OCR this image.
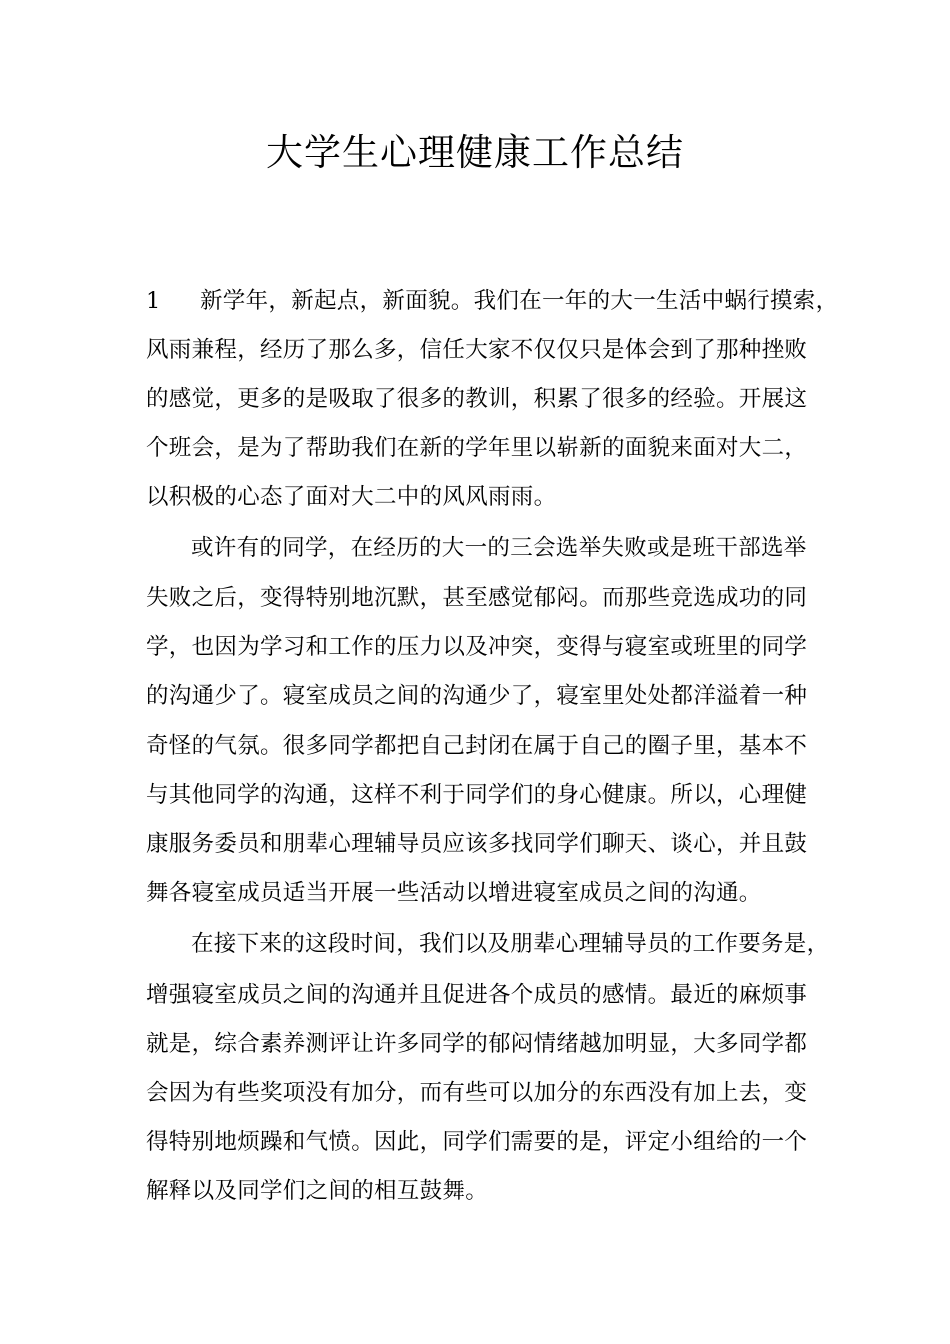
大学生心理健康工作总结
1 新学年，新起点，新面貌。我们在一年的大一生活中蜗行摸索，
风雨兼程，经历了那么多，信任大家不仅仅只是体会到了那种挫败
的感觉，更多的是吸取了很多的教训，积累了很多的经验。开展这
个班会，是为了帮助我们在新的学年里以崭新的面貌来面对大二，
以积极的心态了面对大二中的风风雨雨。
或许有的同学，在经历的大一的三会选举失败或是班干部选举
失败之后，变得特别地沉默，甚至感觉郁闷。而那些竞选成功的同
学，也因为学习和工作的压力以及冲突，变得与寝室或班里的同学
的沟通少了。寝室成员之间的沟通少了，寝室里处处都洋溢着一种
奇怪的气氛。很多同学都把自己封闭在属于自己的圈子里，基本不
与其他同学的沟通，这样不利于同学们的身心健康。所以，心理健
康服务委员和朋辈心理辅导员应该多找同学们聊天、谈心，并且鼓
舞各寝室成员适当开展一些活动以增进寝室成员之间的沟通。
在接下来的这段时间，我们以及朋辈心理辅导员的工作要务是，
增强寝室成员之间的沟通并且促进各个成员的感情。最近的麻烦事
就是，综合素养测评让许多同学的郁闷情绪越加明显，大多同学都
会因为有些奖项没有加分，而有些可以加分的东西没有加上去，变
得特别地烦躁和气愤。因此，同学们需要的是，评定小组给的一个
解释以及同学们之间的相互鼓舞。
